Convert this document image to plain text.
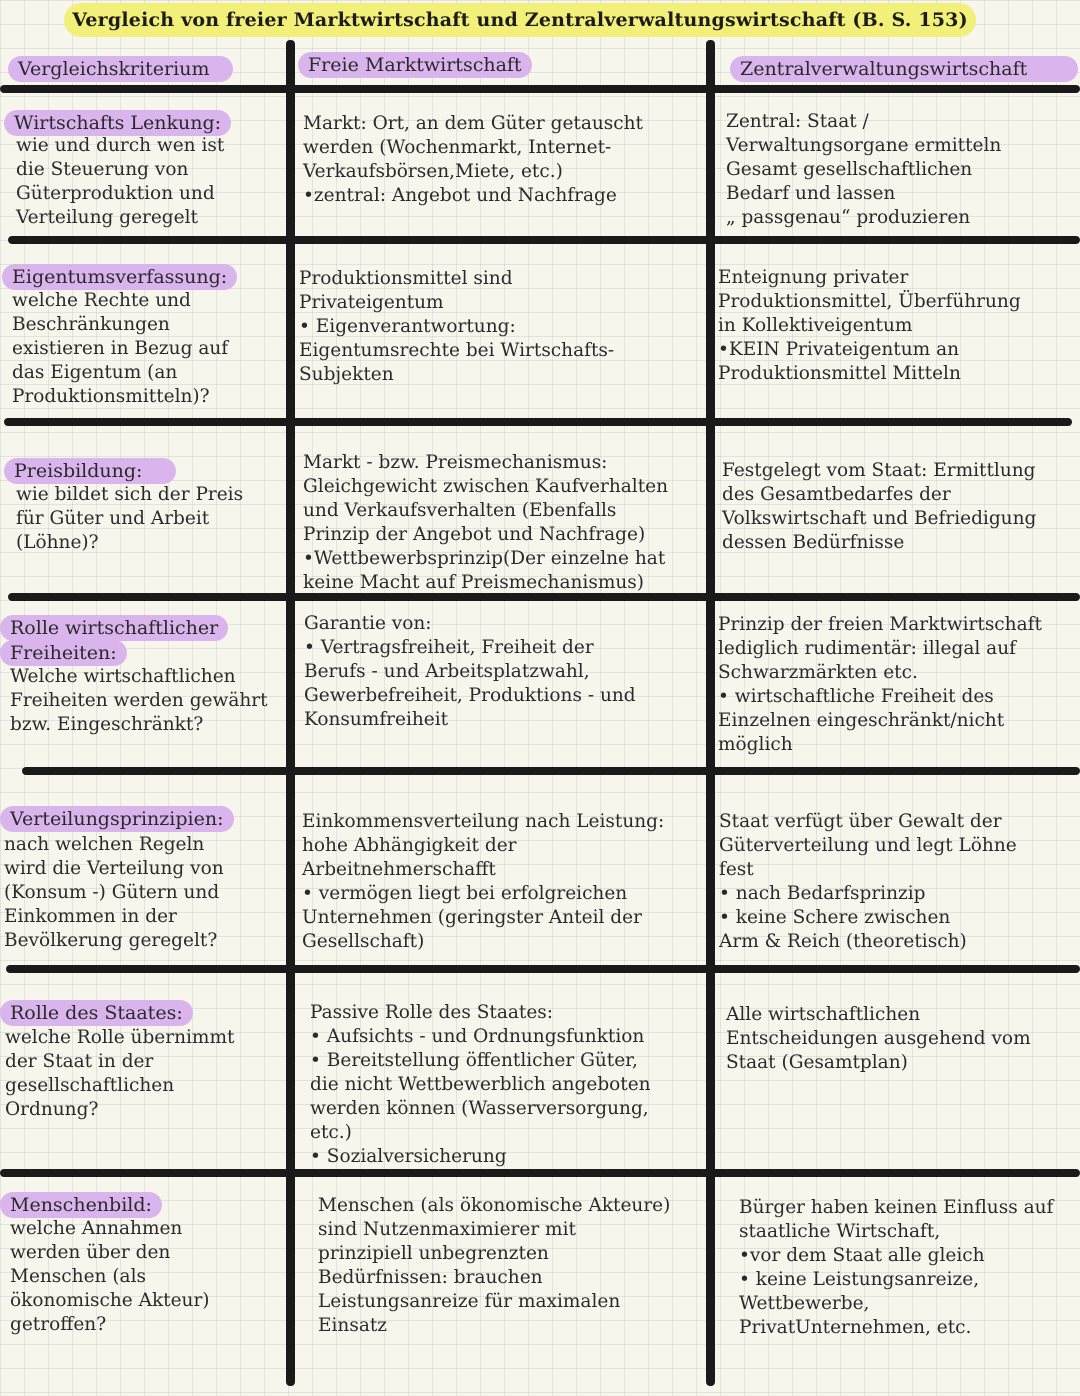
Vergleich von freier Marktwirtschaft und Zentralverwaltungswirtschaft (B. S. 153)
Vergleichskriterium	Freie Marktwirtschaft	Zentralverwaltungswirtschaft
Wirtschafts Lenkung:

wie und durch wen ist

die Steuerung von

Güterproduktion und

Verteilung geregelt

Markt: Ort, an dem Güter getauscht

werden (Wochenmarkt, Internet-

Verkaufsbörsen,Miete, etc.)

•zentral: Angebot und Nachfrage

Zentral: Staat /

Verwaltungsorgane ermitteln

Gesamt gesellschaftlichen

Bedarf und lassen

„ passgenau“ produzieren

Eigentumsverfassung:

welche Rechte und

Beschränkungen

existieren in Bezug auf

das Eigentum (an

Produktionsmitteln)?

Produktionsmittel sind

Privateigentum

• Eigenverantwortung:

Eigentumsrechte bei Wirtschafts-

Subjekten

Enteignung privater

Produktionsmittel, Überführung

in Kollektiveigentum

•KEIN Privateigentum an

Produktionsmittel Mitteln

Preisbildung:

wie bildet sich der Preis

für Güter und Arbeit

(Löhne)?

Markt - bzw. Preismechanismus:

Gleichgewicht zwischen Kaufverhalten

und Verkaufsverhalten (Ebenfalls

Prinzip der Angebot und Nachfrage)

•Wettbewerbsprinzip(Der einzelne hat

keine Macht auf Preismechanismus)

Festgelegt vom Staat: Ermittlung

des Gesamtbedarfes der

Volkswirtschaft und Befriedigung

dessen Bedürfnisse

Rolle wirtschaftlicher
Freiheiten:

Welche wirtschaftlichen

Freiheiten werden gewährt

bzw. Eingeschränkt?

Garantie von:

• Vertragsfreiheit, Freiheit der

Berufs - und Arbeitsplatzwahl,

Gewerbefreiheit, Produktions - und

Konsumfreiheit

Prinzip der freien Marktwirtschaft

lediglich rudimentär: illegal auf

Schwarzmärkten etc.

• wirtschaftliche Freiheit des

Einzelnen eingeschränkt/nicht

möglich

Verteilungsprinzipien:

nach welchen Regeln

wird die Verteilung von

(Konsum -) Gütern und

Einkommen in der

Bevölkerung geregelt?

Einkommensverteilung nach Leistung:

hohe Abhängigkeit der

Arbeitnehmerschafft

• vermögen liegt bei erfolgreichen

Unternehmen (geringster Anteil der

Gesellschaft)

Staat verfügt über Gewalt der

Güterverteilung und legt Löhne

fest

• nach Bedarfsprinzip

• keine Schere zwischen

Arm & Reich (theoretisch)

Rolle des Staates:

welche Rolle übernimmt

der Staat in der

gesellschaftlichen

Ordnung?

Passive Rolle des Staates:

• Aufsichts - und Ordnungsfunktion

• Bereitstellung öffentlicher Güter,

die nicht Wettbewerblich angeboten

werden können (Wasserversorgung,

etc.)

• Sozialversicherung

Alle wirtschaftlichen

Entscheidungen ausgehend vom

Staat (Gesamtplan)

Menschenbild:

welche Annahmen

werden über den

Menschen (als

ökonomische Akteur)

getroffen?

Menschen (als ökonomische Akteure)

sind Nutzenmaximierer mit

prinzipiell unbegrenzten

Bedürfnissen: brauchen

Leistungsanreize für maximalen

Einsatz

Bürger haben keinen Einfluss auf

staatliche Wirtschaft,

•vor dem Staat alle gleich

• keine Leistungsanreize,

Wettbewerbe,

PrivatUnternehmen, etc.
